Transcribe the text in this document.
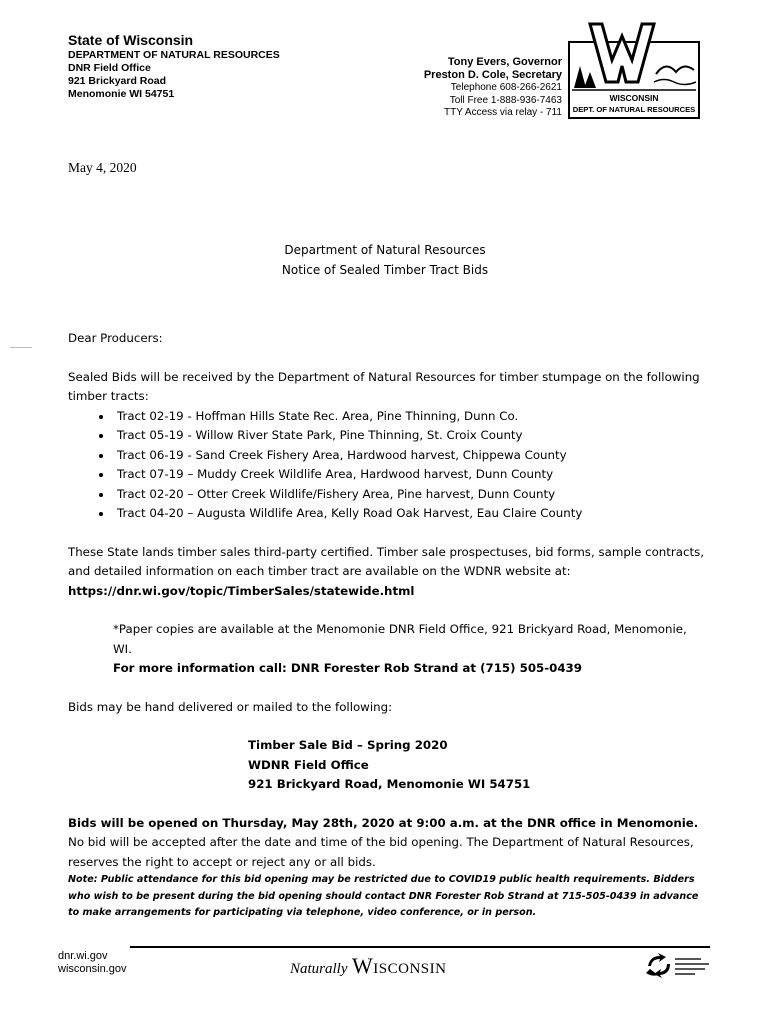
State of Wisconsin
DEPARTMENT OF NATURAL RESOURCES
DNR Field Office
921 Brickyard Road
Menomonie WI 54751
Tony Evers, Governor
Preston D. Cole, Secretary
Telephone 608-266-2621
Toll Free 1-888-936-7463
TTY Access via relay - 711
WISCONSIN
DEPT. OF NATURAL RESOURCES
May 4, 2020
Department of Natural Resources
Notice of Sealed Timber Tract Bids

Dear Producers:

Sealed Bids will be received by the Department of Natural Resources for timber stumpage on the following timber tracts:

• Tract 02-19 - Hoffman Hills State Rec. Area, Pine Thinning, Dunn Co.
• Tract 05-19 - Willow River State Park, Pine Thinning, St. Croix County
• Tract 06-19 - Sand Creek Fishery Area, Hardwood harvest, Chippewa County
• Tract 07-19 – Muddy Creek Wildlife Area, Hardwood harvest, Dunn County
• Tract 02-20 – Otter Creek Wildlife/Fishery Area, Pine harvest, Dunn County
• Tract 04-20 – Augusta Wildlife Area, Kelly Road Oak Harvest, Eau Claire County

These State lands timber sales third-party certified. Timber sale prospectuses, bid forms, sample contracts, and detailed information on each timber tract are available on the WDNR website at:

https://dnr.wi.gov/topic/TimberSales/statewide.html

*Paper copies are available at the Menomonie DNR Field Office, 921 Brickyard Road, Menomonie, WI.

For more information call: DNR Forester Rob Strand at (715) 505-0439

Bids may be hand delivered or mailed to the following:

Timber Sale Bid – Spring 2020

WDNR Field Office

921 Brickyard Road, Menomonie WI 54751

Bids will be opened on Thursday, May 28th, 2020 at 9:00 a.m. at the DNR office in Menomonie. No bid will be accepted after the date and time of the bid opening. The Department of Natural Resources, reserves the right to accept or reject any or all bids.

Note: Public attendance for this bid opening may be restricted due to COVID19 public health requirements. Bidders who wish to be present during the bid opening should contact DNR Forester Rob Strand at 715-505-0439 in advance to make arrangements for participating via telephone, video conference, or in person.

dnr.wi.gov
wisconsin.gov	Naturally Wisconsin
